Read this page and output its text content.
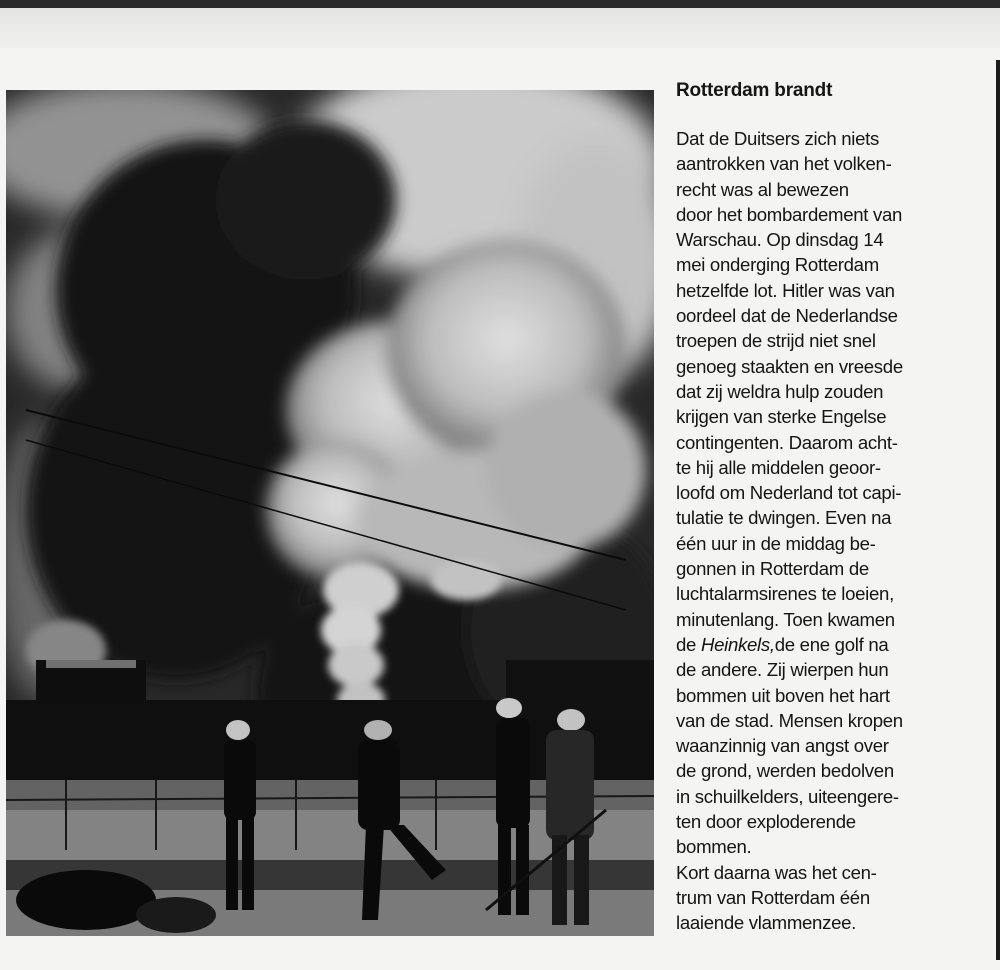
Rotterdam brandt

Dat de Duitsers zich niets
aantrokken van het volken-
recht was al bewezen
door het bombardement van
Warschau. Op dinsdag 14
mei onderging Rotterdam
hetzelfde lot. Hitler was van
oordeel dat de Nederlandse
troepen de strijd niet snel
genoeg staakten en vreesde
dat zij weldra hulp zouden
krijgen van sterke Engelse
contingenten. Daarom acht-
te hij alle middelen geoor-
loofd om Nederland tot capi-
tulatie te dwingen. Even na
één uur in de middag be-
gonnen in Rotterdam de
luchtalarmsirenes te loeien,
minutenlang. Toen kwamen
de Heinkels,de ene golf na
de andere. Zij wierpen hun
bommen uit boven het hart
van de stad. Mensen kropen
waanzinnig van angst over
de grond, werden bedolven
in schuilkelders, uiteengere-
ten door exploderende
bommen.
Kort daarna was het cen-
trum van Rotterdam één
laaiende vlammenzee.
